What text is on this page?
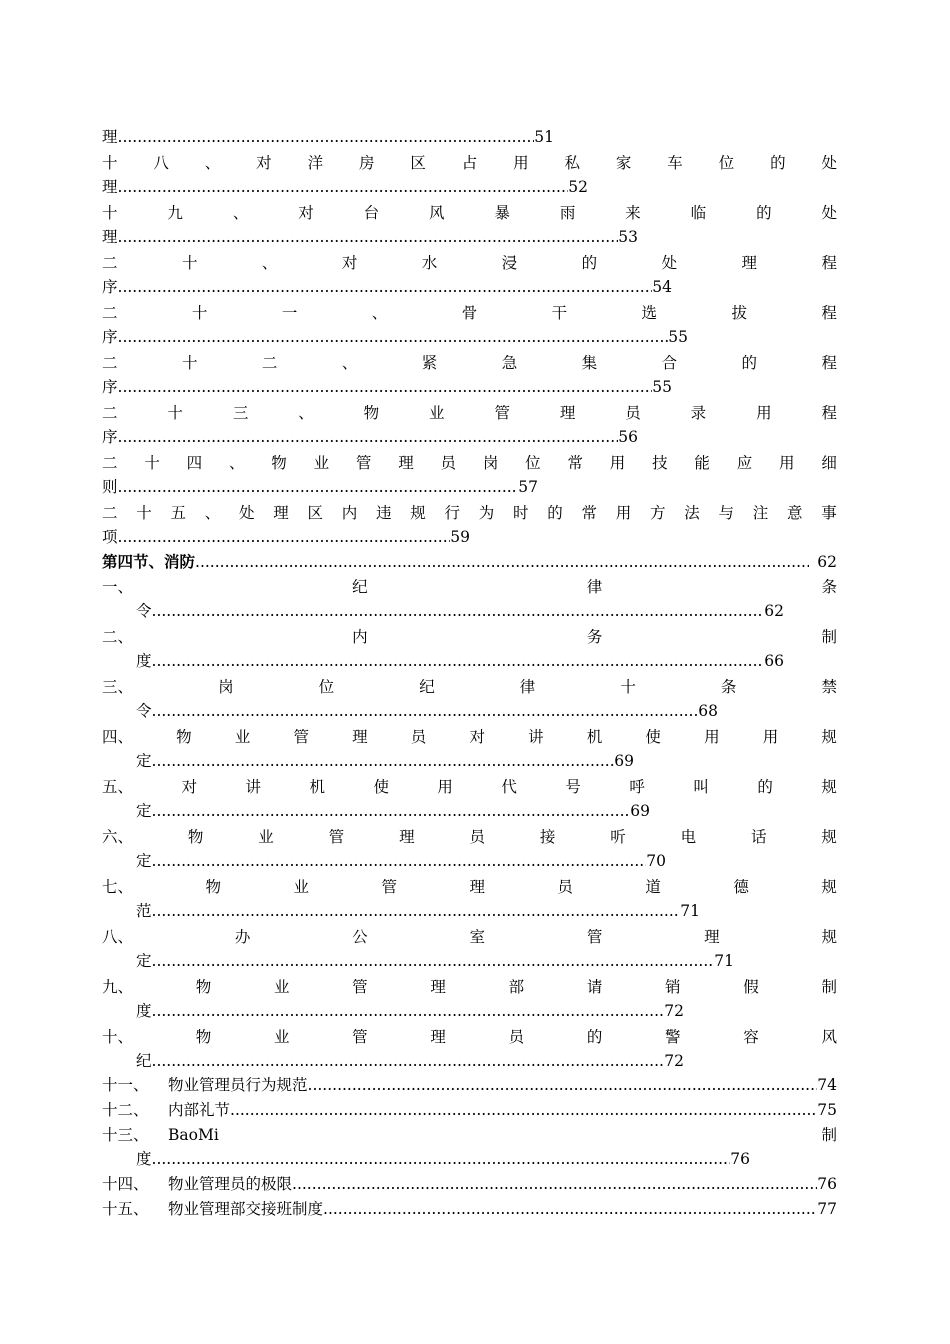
理 .....	51
十 八 、 对 洋 房 区 占 用 私 家 车 位 的 处
理 .....	52
十	九	、	对	台	风	暴	雨	来	临	的	处
理 .....	53
二	十	、	对	水	浸	的	处	理	程
序 .....	54
二	十	一	、	骨	干	选	拔	程
序 .....	55
二	十	二	、	紧	急	集	合	的	程
序 .....	55
二	十	三	、	物	业	管	理	员	录	用	程
序 .....	56
二 十 四 、 物 业 管 理 员 岗 位 常 用 技 能 应 用 细
则 .....	57
二 十 五 、 处 理 区 内 违 规 行 为 时 的 常 用 方 法 与 注 意 事
项 .....	59
第四节、消防 .....	62
一、	纪	律	条
令 .....	62
二、	内	务	制
度 .....	66
三、	岗	位	纪	律	十	条	禁
令 .....	68
四、	物	业	管	理	员	对	讲	机	使	用	用	规
定 .....	69
五、	对	讲	机	使	用	代	号	呼	叫	的	规
定 .....	69
六、	物	业	管	理	员	接	听	电	话	规
定 .....	70
七、	物	业	管	理	员	道	德	规
范 .....	71
八、	办	公	室	管	理	规
定 .....	71
九、	物	业	管	理	部	请	销	假	制
度 .....	72
十、	物	业	管	理	员	的	警	容	风
纪 .....	72
十一、	物业管理员行为规范 .....	74
十二、	内部礼节 .....	75
十三、 BaoMi	制
度 .....	76
十四、	物业管理员的极限 .....	76
十五、	物业管理部交接班制度 .....	77
